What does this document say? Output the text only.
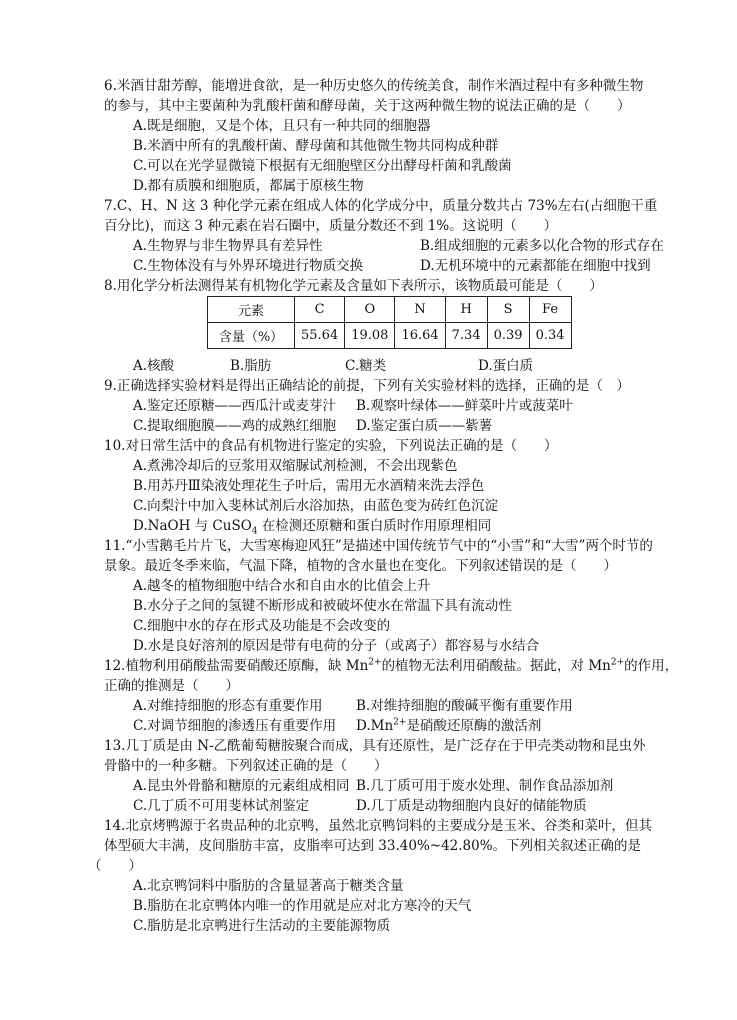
6.米酒甘甜芳醇，能增进食欲，是一种历史悠久的传统美食，制作米酒过程中有多种微生物
的参与，其中主要菌种为乳酸杆菌和酵母菌，关于这两种微生物的说法正确的是（　　）
A.既是细胞，又是个体，且只有一种共同的细胞器
B.米酒中所有的乳酸杆菌、酵母菌和其他微生物共同构成种群
C.可以在光学显微镜下根据有无细胞壁区分出酵母杆菌和乳酸菌
D.都有质膜和细胞质，都属于原核生物
7.C、H、N 这 3 种化学元素在组成人体的化学成分中，质量分数共占 73%左右(占细胞干重
百分比)，而这 3 种元素在岩石圈中，质量分数还不到 1%。这说明（　　）
A.生物界与非生物界具有差异性	B.组成细胞的元素多以化合物的形式存在
C.生物体没有与外界环境进行物质交换	D.无机环境中的元素都能在细胞中找到
8.用化学分析法测得某有机物化学元素及含量如下表所示，该物质最可能是（　　）
元素	C	O	N	H	S	Fe
含量（%）	55.64	19.08	16.64	7.34	0.39	0.34
A.核酸	B.脂肪	C.糖类	D.蛋白质
9.正确选择实验材料是得出正确结论的前提，下列有关实验材料的选择，正确的是（　）
A.鉴定还原糖——西瓜汁或麦芽汁 B.观察叶绿体——鲜菜叶片或菠菜叶
C.提取细胞膜——鸡的成熟红细胞 D.鉴定蛋白质——紫薯
10.对日常生活中的食品有机物进行鉴定的实验，下列说法正确的是（　　）
A.煮沸冷却后的豆浆用双缩脲试剂检测，不会出现紫色
B.用苏丹Ⅲ染液处理花生子叶后，需用无水酒精来洗去浮色
C.向梨汁中加入斐林试剂后水浴加热，由蓝色变为砖红色沉淀
D.NaOH 与 CuSO$_4$ 在检测还原糖和蛋白质时作用原理相同
11.“小雪鹅毛片片飞，大雪寒梅迎风狂”是描述中国传统节气中的“小雪”和“大雪”两个时节的
景象。最近冬季来临，气温下降，植物的含水量也在变化。下列叙述错误的是（　　）
A.越冬的植物细胞中结合水和自由水的比值会上升
B.水分子之间的氢键不断形成和被破坏使水在常温下具有流动性
C.细胞中水的存在形式及功能是不会改变的
D.水是良好溶剂的原因是带有电荷的分子（或离子）都容易与水结合
12.植物利用硝酸盐需要硝酸还原酶，缺 $Mn^{2+}$的植物无法利用硝酸盐。据此，对 $Mn^{2+}$的作用，
正确的推测是（　　）
A.对维持细胞的形态有重要作用 B.对维持细胞的酸碱平衡有重要作用
C.对调节细胞的渗透压有重要作用 $D.Mn^{2+}$是硝酸还原酶的激活剂
13.几丁质是由 N-乙酰葡萄糖胺聚合而成，具有还原性，是广泛存在于甲壳类动物和昆虫外
骨骼中的一种多糖。下列叙述正确的是（　　）
A.昆虫外骨骼和糖原的元素组成相同 B.几丁质可用于废水处理、制作食品添加剂
C.几丁质不可用斐林试剂鉴定	D.几丁质是动物细胞内良好的储能物质
14.北京烤鸭源于名贵品种的北京鸭，虽然北京鸭饲料的主要成分是玉米、谷类和菜叶，但其
体型硕大丰满，皮间脂肪丰富，皮脂率可达到 33.40%~42.80%。下列相关叙述正确的是
（　　）
A.北京鸭饲料中脂肪的含量显著高于糖类含量
B.脂肪在北京鸭体内唯一的作用就是应对北方寒冷的天气
C.脂肪是北京鸭进行生活动的主要能源物质
